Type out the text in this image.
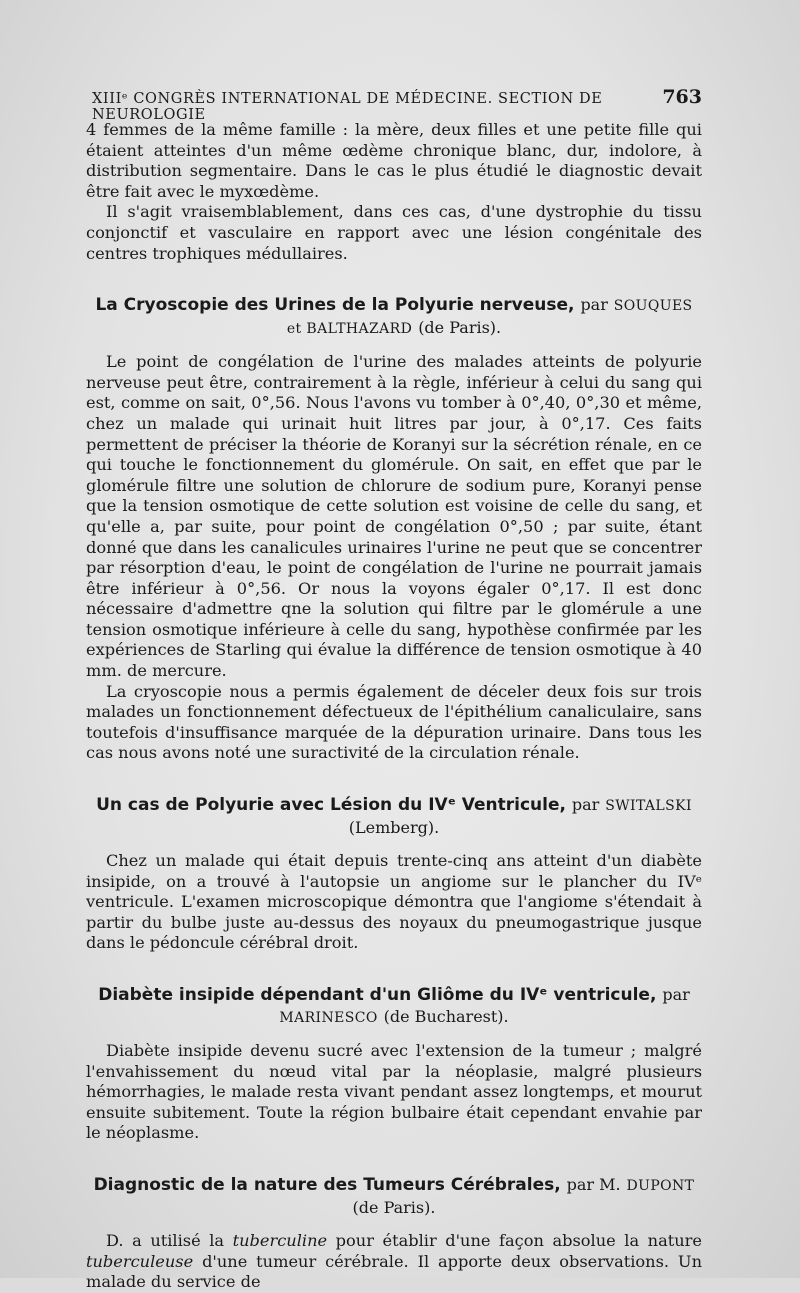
XIIIᵉ CONGRÈS INTERNATIONAL DE MÉDECINE. SECTION DE NEUROLOGIE
763

4 femmes de la même famille : la mère, deux filles et une petite fille qui étaient atteintes d'un même œdème chronique blanc, dur, indolore, à distribution segmentaire. Dans le cas le plus étudié le diagnostic devait être fait avec le myxœdème.

Il s'agit vraisemblablement, dans ces cas, d'une dystrophie du tissu conjonctif et vasculaire en rapport avec une lésion congénitale des centres trophiques médullaires.

La Cryoscopie des Urines de la Polyurie nerveuse, par SOUQUES et BALTHAZARD (de Paris).

Le point de congélation de l'urine des malades atteints de polyurie nerveuse peut être, contrairement à la règle, inférieur à celui du sang qui est, comme on sait, 0°,56. Nous l'avons vu tomber à 0°,40, 0°,30 et même, chez un malade qui urinait huit litres par jour, à 0°,17. Ces faits permettent de préciser la théorie de Koranyi sur la sécrétion rénale, en ce qui touche le fonctionnement du glomérule. On sait, en effet que par le glomérule filtre une solution de chlorure de sodium pure, Koranyi pense que la tension osmotique de cette solution est voisine de celle du sang, et qu'elle a, par suite, pour point de congélation 0°,50 ; par suite, étant donné que dans les canalicules urinaires l'urine ne peut que se concentrer par résorption d'eau, le point de congélation de l'urine ne pourrait jamais être inférieur à 0°,56. Or nous la voyons égaler 0°,17. Il est donc nécessaire d'admettre qne la solution qui filtre par le glomérule a une tension osmotique inférieure à celle du sang, hypothèse confirmée par les expériences de Starling qui évalue la différence de tension osmotique à 40 mm. de mercure.

La cryoscopie nous a permis également de déceler deux fois sur trois malades un fonctionnement défectueux de l'épithélium canaliculaire, sans toutefois d'insuffisance marquée de la dépuration urinaire. Dans tous les cas nous avons noté une suractivité de la circulation rénale.

Un cas de Polyurie avec Lésion du IVᵉ Ventricule, par SWITALSKI (Lemberg).

Chez un malade qui était depuis trente-cinq ans atteint d'un diabète insipide, on a trouvé à l'autopsie un angiome sur le plancher du IVᵉ ventricule. L'examen microscopique démontra que l'angiome s'étendait à partir du bulbe juste au-dessus des noyaux du pneumogastrique jusque dans le pédoncule cérébral droit.

Diabète insipide dépendant d'un Gliôme du IVᵉ ventricule, par MARINESCO (de Bucharest).

Diabète insipide devenu sucré avec l'extension de la tumeur ; malgré l'envahissement du nœud vital par la néoplasie, malgré plusieurs hémorrhagies, le malade resta vivant pendant assez longtemps, et mourut ensuite subitement. Toute la région bulbaire était cependant envahie par le néoplasme.

Diagnostic de la nature des Tumeurs Cérébrales, par M. DUPONT (de Paris).

D. a utilisé la tuberculine pour établir d'une façon absolue la nature tuberculeuse d'une tumeur cérébrale. Il apporte deux observations. Un malade du service de
